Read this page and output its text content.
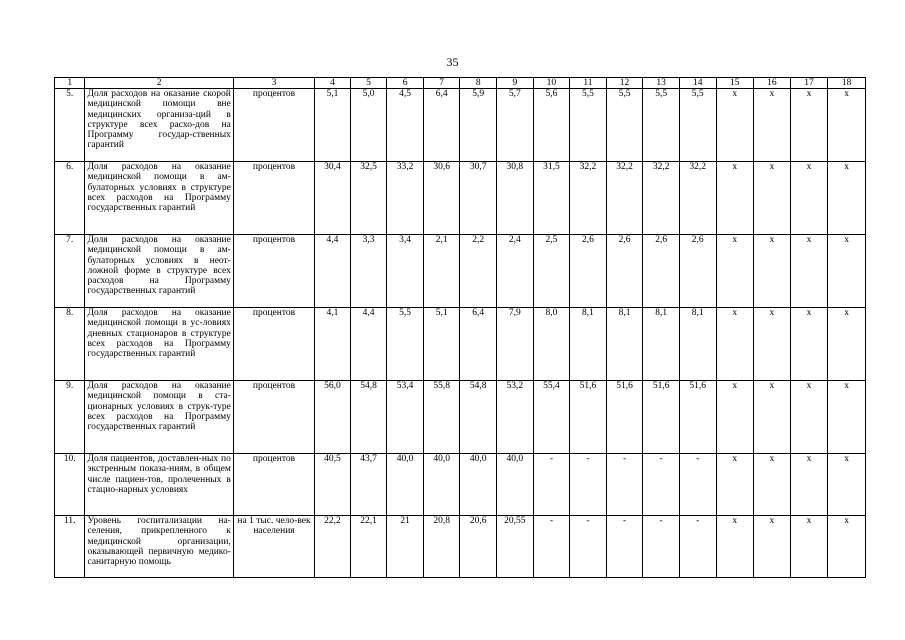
35
1	2	3	4	5	6	7	8	9	10	11	12	13	14	15	16	17	18
5.	Доля расходов на оказание скорой медицинской помощи вне медицинских организа-ций в структуре всех расхо-дов на Программу государ-ственных гарантий	процентов	5,1	5,0	4,5	6,4	5,9	5,7	5,6	5,5	5,5	5,5	5,5	х	х	х	х
6.	Доля расходов на оказание медицинской помощи в ам-булаторных условиях в структуре всех расходов на Программу государственных гарантий	процентов	30,4	32,5	33,2	30,6	30,7	30,8	31,5	32,2	32,2	32,2	32,2	х	х	х	х
7.	Доля расходов на оказание медицинской помощи в ам-булаторных условиях в неот-ложной форме в структуре всех расходов на Программу государственных гарантий	процентов	4,4	3,3	3,4	2,1	2,2	2,4	2,5	2,6	2,6	2,6	2,6	х	х	х	х
8.	Доля расходов на оказание медицинской помощи в ус-ловиях дневных стационаров в структуре всех расходов на Программу государственных гарантий	процентов	4,1	4,4	5,5	5,1	6,4	7,9	8,0	8,1	8,1	8,1	8,1	х	х	х	х
9.	Доля расходов на оказание медицинской помощи в ста-ционарных условиях в струк-туре всех расходов на Программу государственных гарантий	процентов	56,0	54,8	53,4	55,8	54,8	53,2	55,4	51,6	51,6	51,6	51,6	х	х	х	х
10.	Доля пациентов, доставлен-ных по экстренным показа-ниям, в общем числе пациен-тов, пролеченных в стацио-нарных условиях	процентов	40,5	43,7	40,0	40,0	40,0	40,0	-	-	-	-	-	х	х	х	х
11.	Уровень госпитализации на-селения, прикрепленного к медицинской организации, оказывающей первичную медико-санитарную помощь	на 1 тыс. чело-век населения	22,2	22,1	21	20,8	20,6	20,55	-	-	-	-	-	х	х	х	х
